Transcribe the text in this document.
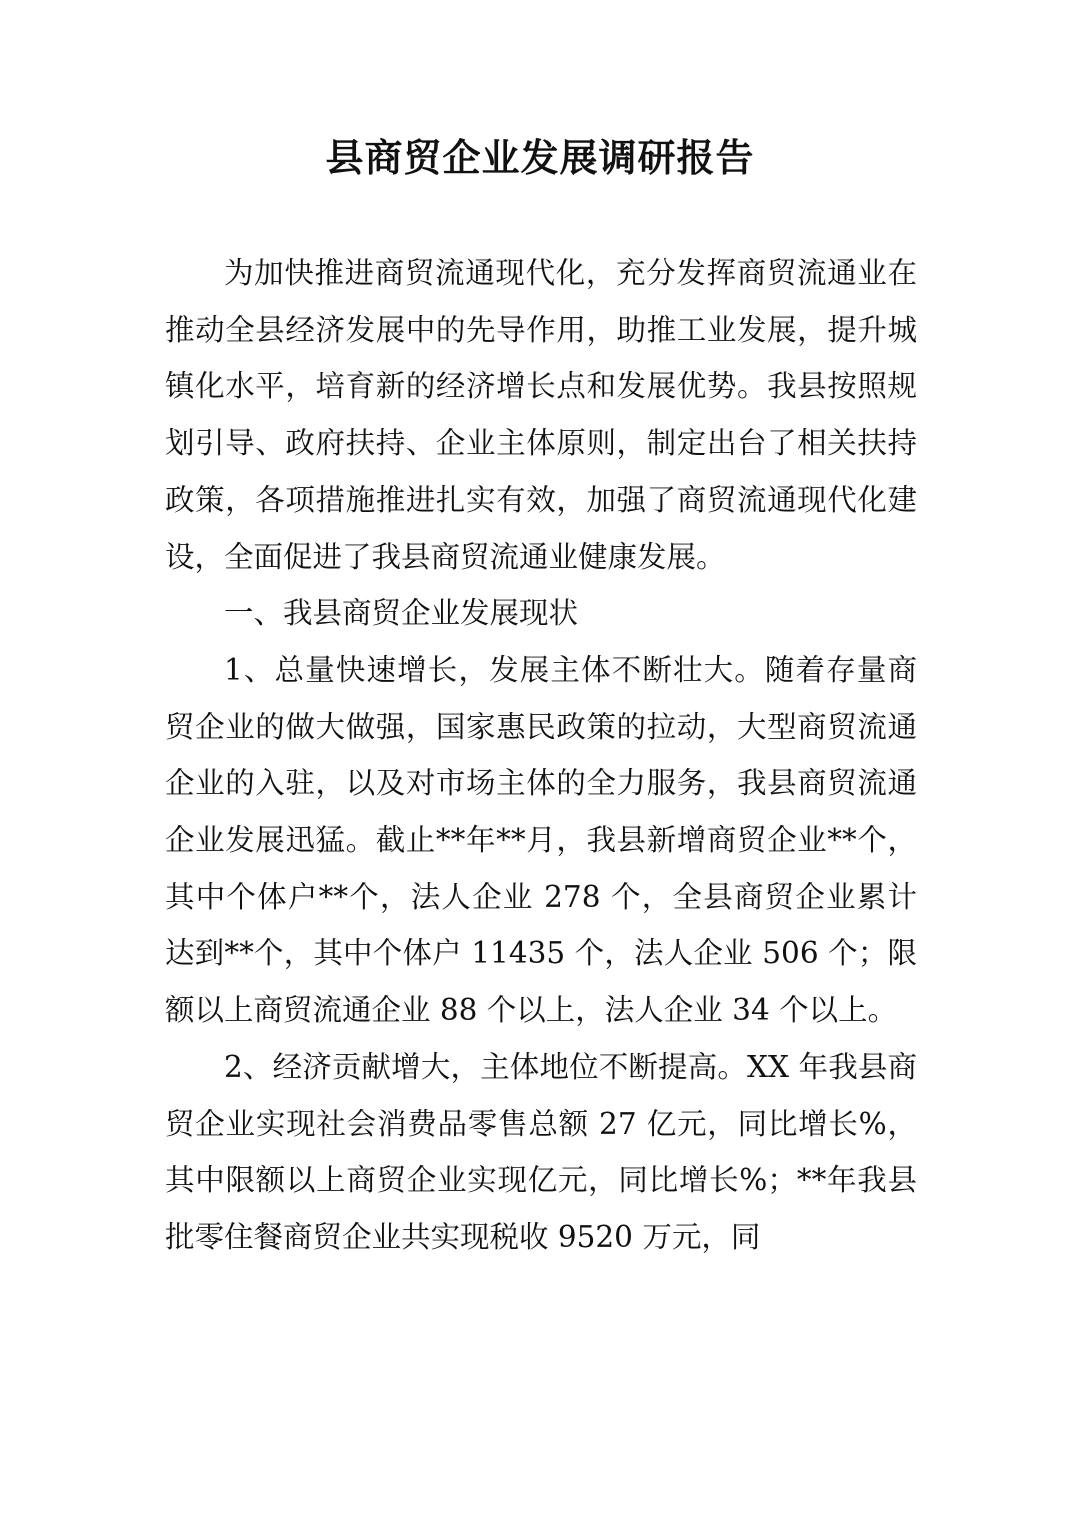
县商贸企业发展调研报告

为加快推进商贸流通现代化，充分发挥商贸流通业在推动全县经济发展中的先导作用，助推工业发展，提升城镇化水平，培育新的经济增长点和发展优势。我县按照规划引导、政府扶持、企业主体原则，制定出台了相关扶持政策，各项措施推进扎实有效，加强了商贸流通现代化建设，全面促进了我县商贸流通业健康发展。

一、我县商贸企业发展现状

1、总量快速增长，发展主体不断壮大。随着存量商贸企业的做大做强，国家惠民政策的拉动，大型商贸流通企业的入驻，以及对市场主体的全力服务，我县商贸流通企业发展迅猛。截止**年**月，我县新增商贸企业**个，其中个体户**个，法人企业 278 个，全县商贸企业累计达到**个，其中个体户 11435 个，法人企业 506 个；限额以上商贸流通企业 88 个以上，法人企业 34 个以上。

2、经济贡献增大，主体地位不断提高。XX 年我县商贸企业实现社会消费品零售总额 27 亿元，同比增长%，其中限额以上商贸企业实现亿元，同比增长%；**年我县批零住餐商贸企业共实现税收 9520 万元，同
